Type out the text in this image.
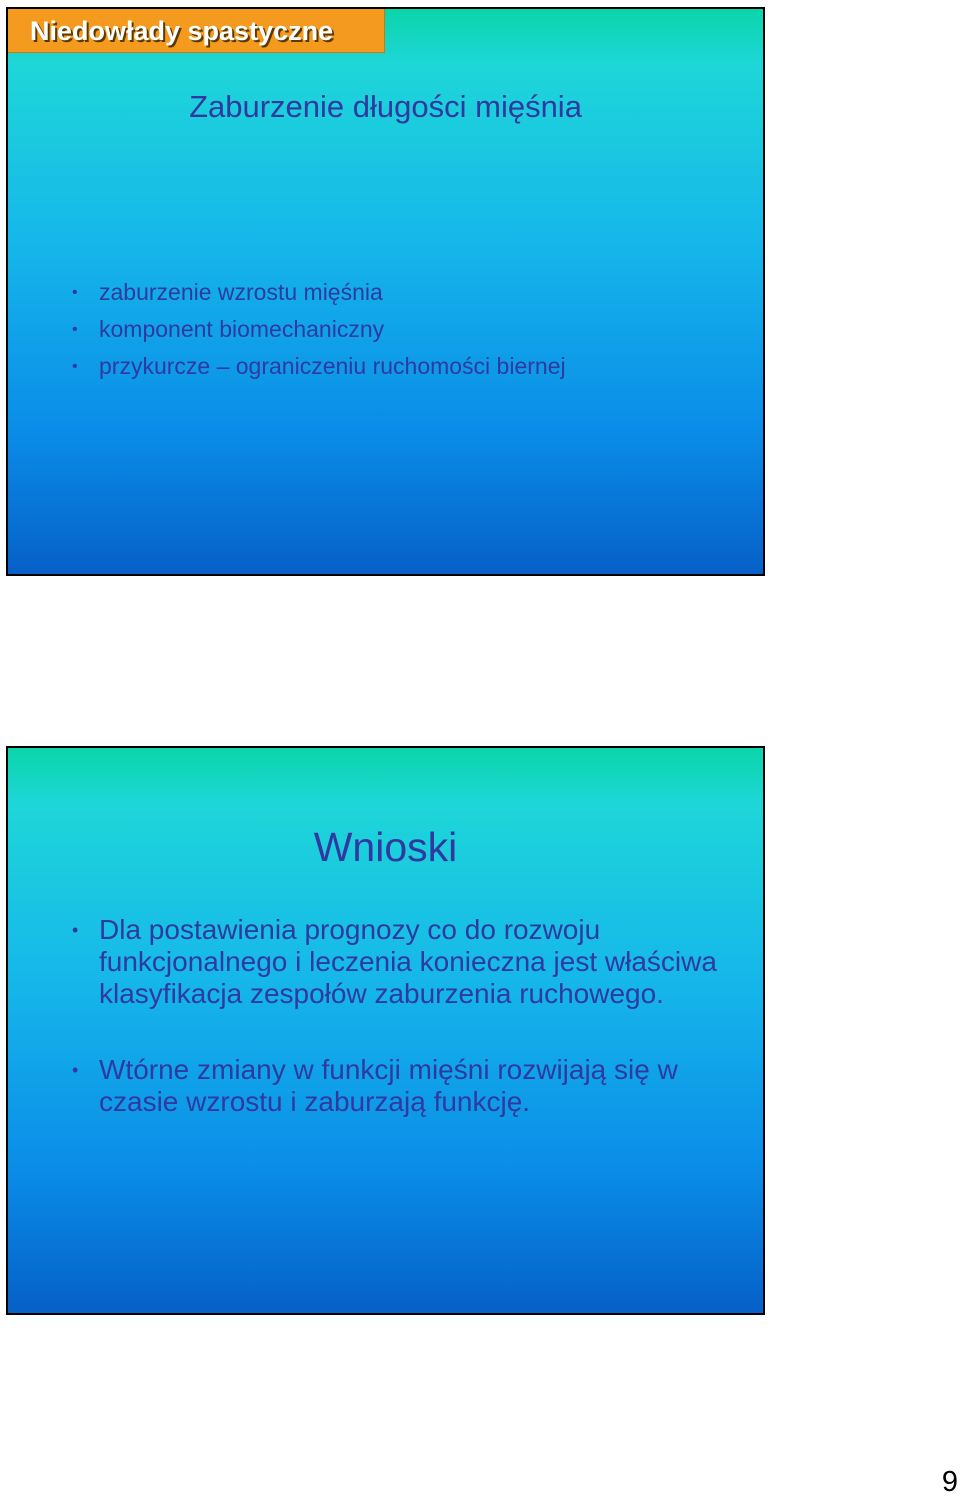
Niedowłady spastyczne
Zaburzenie długości mięśnia
• zaburzenie wzrostu mięśnia
• komponent biomechaniczny
• przykurcze – ograniczeniu ruchomości biernej
Wnioski
• Dla postawienia prognozy co do rozwoju funkcjonalnego i leczenia konieczna jest właściwa klasyfikacja zespołów zaburzenia ruchowego.
• Wtórne zmiany w funkcji mięśni rozwijają się w czasie wzrostu i zaburzają funkcję.
9
